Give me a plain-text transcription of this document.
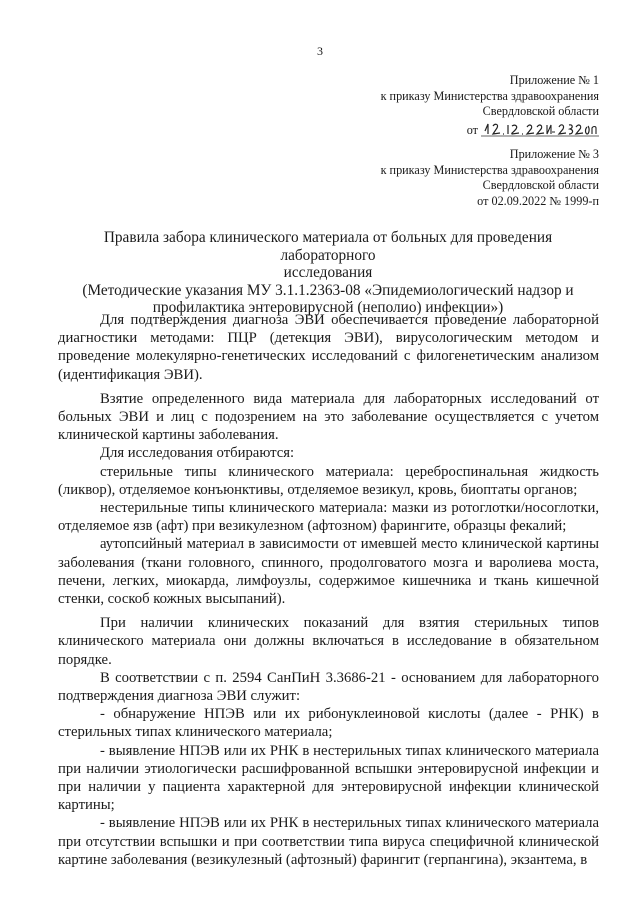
3
Приложение № 1
к приказу Министерства здравоохранения
Свердловской области
от
Приложение № 3
к приказу Министерства здравоохранения
Свердловской области
от 02.09.2022 № 1999-п
Правила забора клинического материала от больных для проведения лабораторного
исследования
(Методические указания МУ 3.1.1.2363-08 «Эпидемиологический надзор и
профилактика энтеровирусной (неполио) инфекции»)

Для подтверждения диагноза ЭВИ обеспечивается проведение лабораторной диагностики методами: ПЦР (детекция ЭВИ), вирусологическим методом и проведение молекулярно-генетических исследований с филогенетическим анализом (идентификация ЭВИ).

Взятие определенного вида материала для лабораторных исследований от больных ЭВИ и лиц с подозрением на это заболевание осуществляется с учетом клинической картины заболевания.

Для исследования отбираются:

стерильные типы клинического материала: цереброспинальная жидкость (ликвор), отделяемое конъюнктивы, отделяемое везикул, кровь, биоптаты органов;

нестерильные типы клинического материала: мазки из ротоглотки/носоглотки, отделяемое язв (афт) при везикулезном (афтозном) фарингите, образцы фекалий;

аутопсийный материал в зависимости от имевшей место клинической картины заболевания (ткани головного, спинного, продолговатого мозга и варолиева моста, печени, легких, миокарда, лимфоузлы, содержимое кишечника и ткань кишечной стенки, соскоб кожных высыпаний).

При наличии клинических показаний для взятия стерильных типов клинического материала они должны включаться в исследование в обязательном порядке.

В соответствии с п. 2594 СанПиН 3.3686-21 - основанием для лабораторного подтверждения диагноза ЭВИ служит:

- обнаружение НПЭВ или их рибонуклеиновой кислоты (далее - РНК) в стерильных типах клинического материала;

- выявление НПЭВ или их РНК в нестерильных типах клинического материала при наличии этиологически расшифрованной вспышки энтеровирусной инфекции и при наличии у пациента характерной для энтеровирусной инфекции клинической картины;

- выявление НПЭВ или их РНК в нестерильных типах клинического материала при отсутствии вспышки и при соответствии типа вируса специфичной клинической картине заболевания (везикулезный (афтозный) фарингит (герпангина), экзантема, в
